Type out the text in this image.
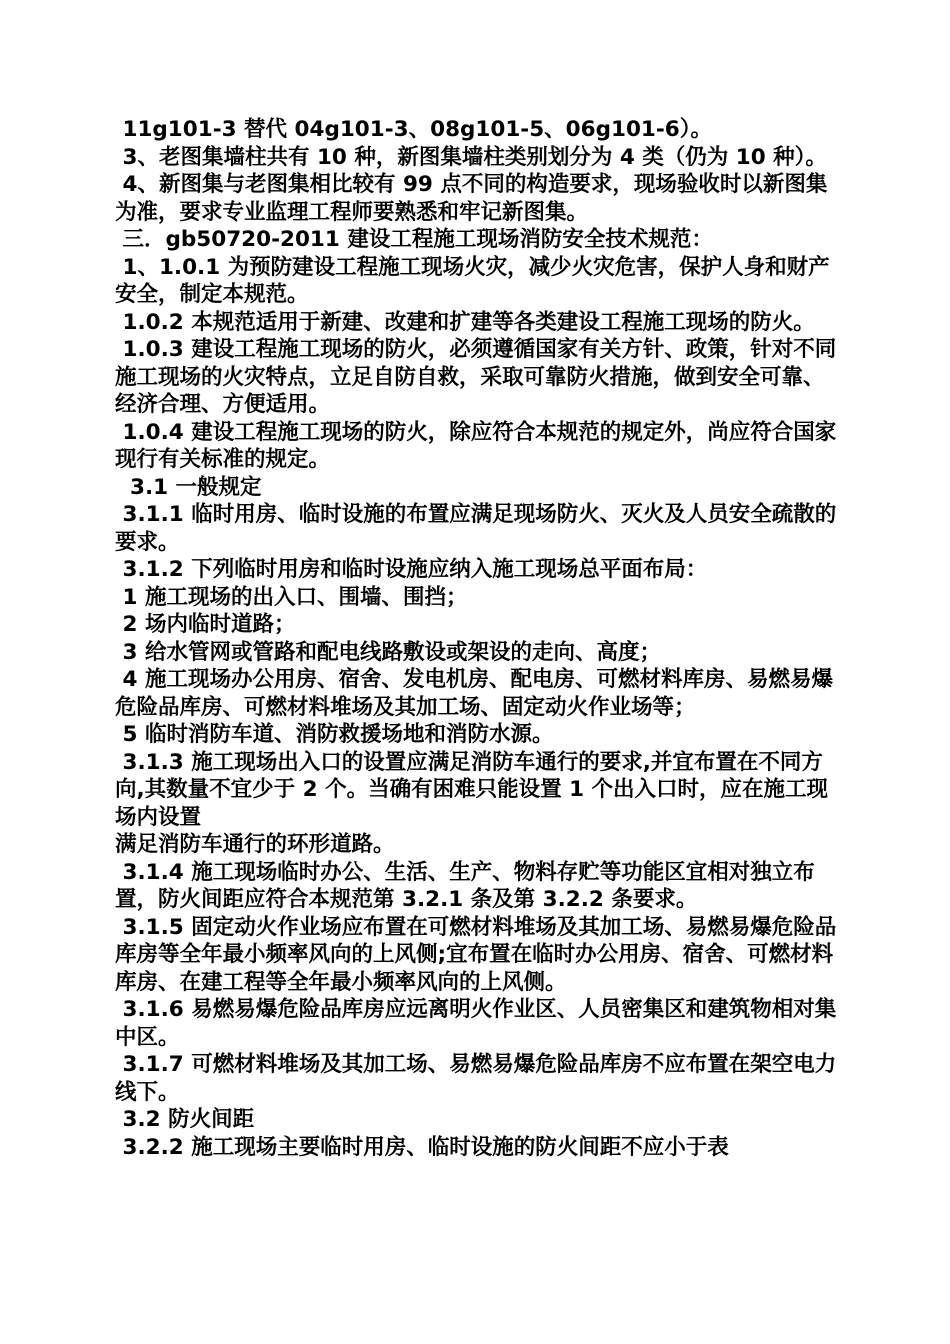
11g101-3 替代 04g101-3、08g101-5、06g101-6）。

3、老图集墙柱共有 10 种，新图集墙柱类别划分为 4 类（仍为 10 种）。

4、新图集与老图集相比较有 99 点不同的构造要求，现场验收时以新图集为准，要求专业监理工程师要熟悉和牢记新图集。

三．gb50720-2011 建设工程施工现场消防安全技术规范：

1、1.0.1 为预防建设工程施工现场火灾，减少火灾危害，保护人身和财产安全，制定本规范。

1.0.2 本规范适用于新建、改建和扩建等各类建设工程施工现场的防火。

1.0.3 建设工程施工现场的防火，必须遵循国家有关方针、政策，针对不同施工现场的火灾特点，立足自防自救，采取可靠防火措施，做到安全可靠、经济合理、方便适用。

1.0.4 建设工程施工现场的防火，除应符合本规范的规定外，尚应符合国家现行有关标准的规定。

3.1 一般规定

3.1.1 临时用房、临时设施的布置应满足现场防火、灭火及人员安全疏散的要求。

3.1.2 下列临时用房和临时设施应纳入施工现场总平面布局：

1 施工现场的出入口、围墙、围挡；

2 场内临时道路；

3 给水管网或管路和配电线路敷设或架设的走向、高度；

4 施工现场办公用房、宿舍、发电机房、配电房、可燃材料库房、易燃易爆危险品库房、可燃材料堆场及其加工场、固定动火作业场等；

5 临时消防车道、消防救援场地和消防水源。

3.1.3 施工现场出入口的设置应满足消防车通行的要求,并宜布置在不同方向,其数量不宜少于 2 个。当确有困难只能设置 1 个出入口时，应在施工现场内设置

满足消防车通行的环形道路。

3.1.4 施工现场临时办公、生活、生产、物料存贮等功能区宜相对独立布置，防火间距应符合本规范第 3.2.1 条及第 3.2.2 条要求。

3.1.5 固定动火作业场应布置在可燃材料堆场及其加工场、易燃易爆危险品库房等全年最小频率风向的上风侧;宜布置在临时办公用房、宿舍、可燃材料库房、在建工程等全年最小频率风向的上风侧。

3.1.6 易燃易爆危险品库房应远离明火作业区、人员密集区和建筑物相对集中区。

3.1.7 可燃材料堆场及其加工场、易燃易爆危险品库房不应布置在架空电力线下。

3.2 防火间距

3.2.2 施工现场主要临时用房、临时设施的防火间距不应小于表
